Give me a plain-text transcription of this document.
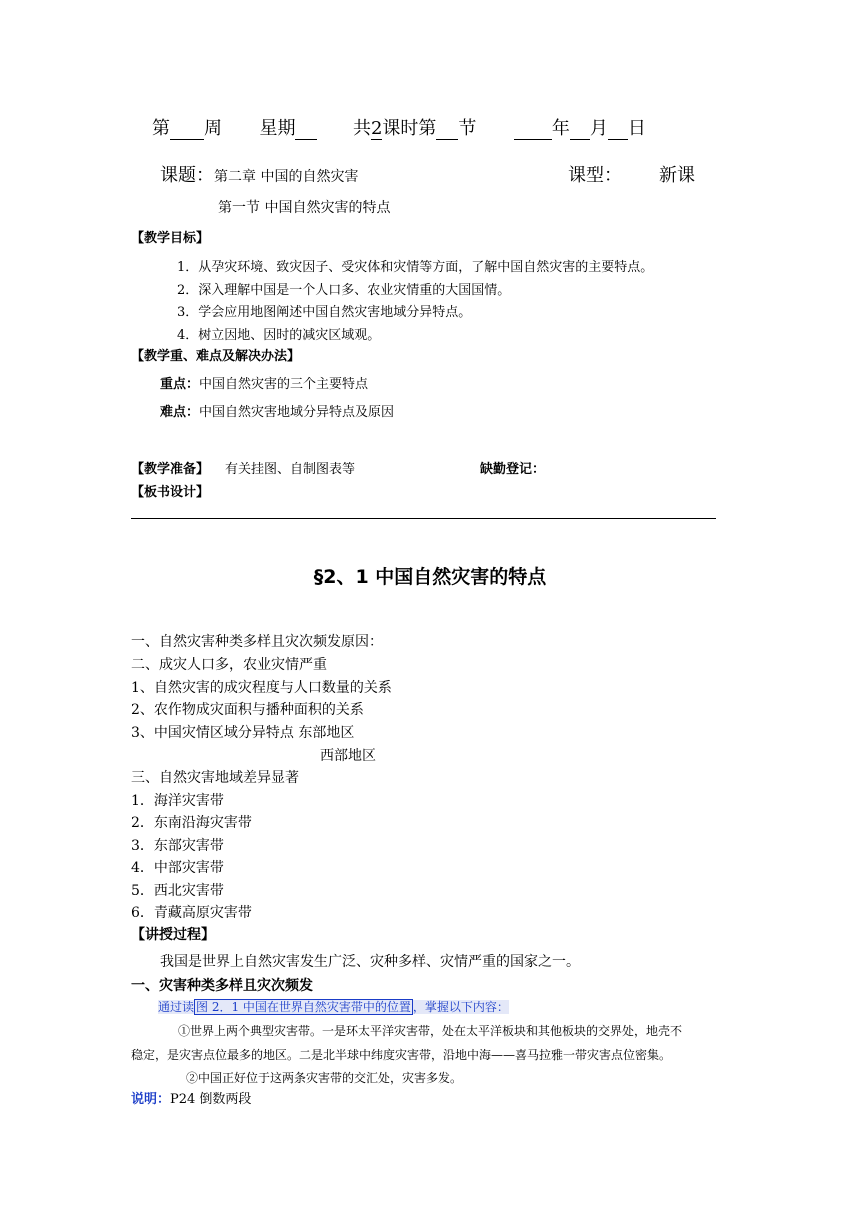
第 周 星期	共2课时第 节	年 月 日
课题：第二章 中国的自然灾害	课型： 新课
第一节 中国自然灾害的特点
【教学目标】
1．从孕灾环境、致灾因子、受灾体和灾情等方面，了解中国自然灾害的主要特点。
2．深入理解中国是一个人口多、农业灾情重的大国国情。
3．学会应用地图阐述中国自然灾害地域分异特点。
4．树立因地、因时的减灾区域观。
【教学重、难点及解决办法】
重点：中国自然灾害的三个主要特点
难点：中国自然灾害地域分异特点及原因
【教学准备】 有关挂图、自制图表等	缺勤登记：
【板书设计】
§2、1 中国自然灾害的特点
一、自然灾害种类多样且灾次频发原因：
二、成灾人口多，农业灾情严重
1、自然灾害的成灾程度与人口数量的关系
2、农作物成灾面积与播种面积的关系
3、中国灾情区域分异特点 东部地区
西部地区
三、自然灾害地域差异显著
1．海洋灾害带
2．东南沿海灾害带
3．东部灾害带
4．中部灾害带
5．西北灾害带
6．青藏高原灾害带
【讲授过程】
我国是世界上自然灾害发生广泛、灾种多样、灾情严重的国家之一。
一、灾害种类多样且灾次频发
通过读 图 2．1 中国在世界自然灾害带中的位置 ，掌握以下内容：
①世界上两个典型灾害带。一是环太平洋灾害带，处在太平洋板块和其他板块的交界处，地壳不
稳定，是灾害点位最多的地区。二是北半球中纬度灾害带，沿地中海——喜马拉雅一带灾害点位密集。
②中国正好位于这两条灾害带的交汇处，灾害多发。
说明：P24 倒数两段
